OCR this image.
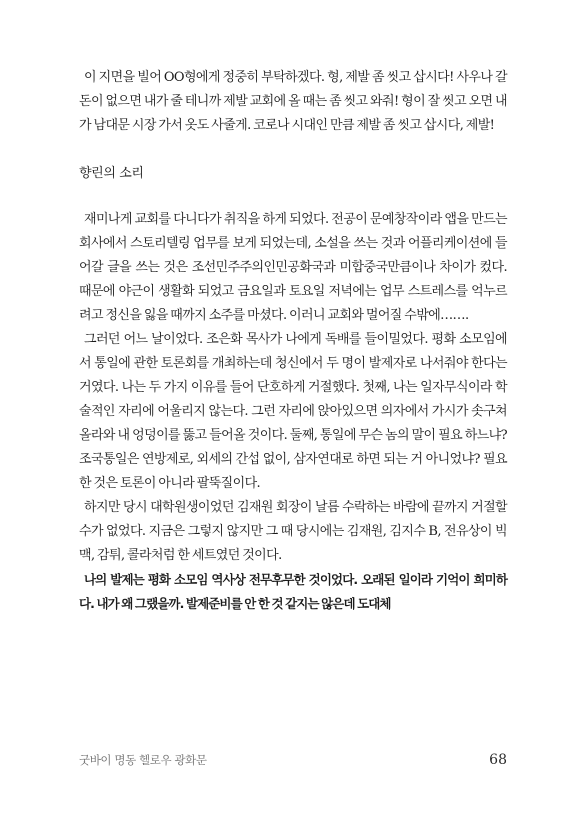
이 지면을 빌어 OO형에게 정중히 부탁하겠다. 형, 제발 좀 씻고 삽시다! 사우나 갈 돈이 없으면 내가 줄 테니까 제발 교회에 올 때는 좀 씻고 와줘! 형이 잘 씻고 오면 내가 남대문 시장 가서 옷도 사줄게. 코로나 시대인 만큼 제발 좀 씻고 삽시다, 제발!

향린의 소리

재미나게 교회를 다니다가 취직을 하게 되었다. 전공이 문예창작이라 앱을 만드는 회사에서 스토리텔링 업무를 보게 되었는데, 소설을 쓰는 것과 어플리케이션에 들어갈 글을 쓰는 것은 조선민주주의인민공화국과 미합중국만큼이나 차이가 컸다. 때문에 야근이 생활화 되었고 금요일과 토요일 저녁에는 업무 스트레스를 억누르려고 정신을 잃을 때까지 소주를 마셨다. 이러니 교회와 멀어질 수밖에…….

그러던 어느 날이었다. 조은화 목사가 나에게 독배를 들이밀었다. 평화 소모임에서 통일에 관한 토론회를 개최하는데 청신에서 두 명이 발제자로 나서줘야 한다는 거였다. 나는 두 가지 이유를 들어 단호하게 거절했다. 첫째, 나는 일자무식이라 학술적인 자리에 어울리지 않는다. 그런 자리에 앉아있으면 의자에서 가시가 솟구쳐 올라와 내 엉덩이를 뚫고 들어올 것이다. 둘째, 통일에 무슨 놈의 말이 필요 하느냐? 조국통일은 연방제로, 외세의 간섭 없이, 삼자연대로 하면 되는 거 아니었냐? 필요한 것은 토론이 아니라 팔뚝질이다.

하지만 당시 대학원생이었던 김재원 회장이 날름 수락하는 바람에 끝까지 거절할 수가 없었다. 지금은 그렇지 않지만 그 때 당시에는 김재원, 김지수 B, 전유상이 빅맥, 감튀, 콜라처럼 한 세트였던 것이다.

나의 발제는 평화 소모임 역사상 전무후무한 것이었다. 오래된 일이라 기억이 희미하다. 내가 왜 그랬을까. 발제준비를 안 한 것 같지는 않은데 도대체

굿바이 명동 헬로우 광화문	68
